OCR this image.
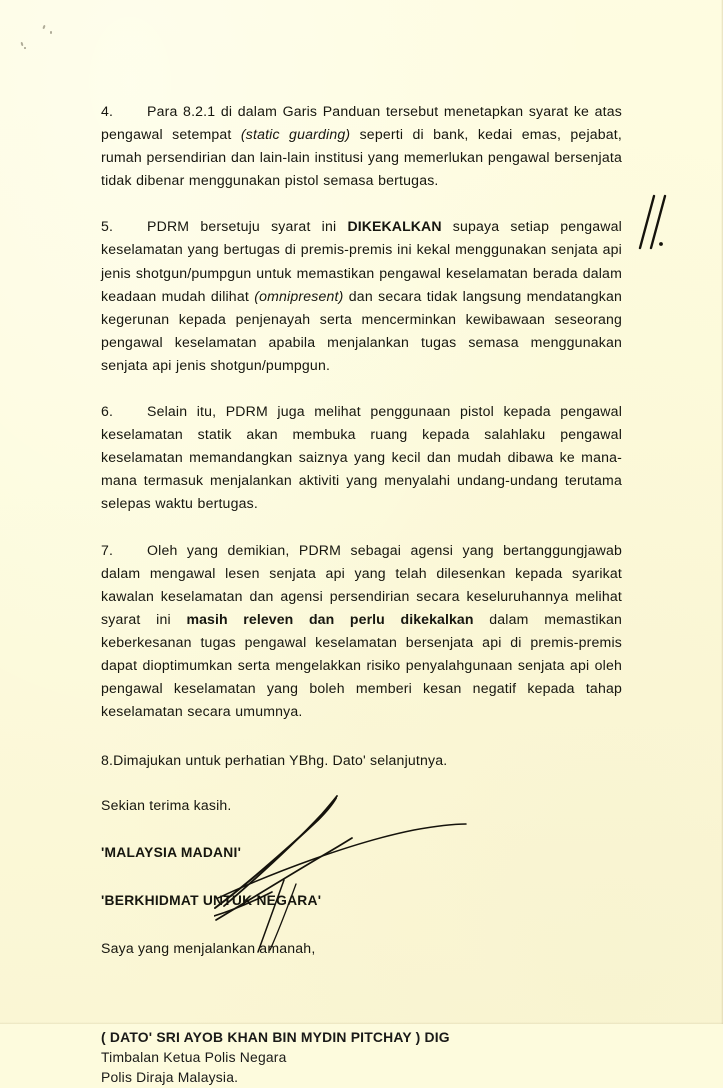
4. Para 8.2.1 di dalam Garis Panduan tersebut menetapkan syarat ke atas pengawal setempat (static guarding) seperti di bank, kedai emas, pejabat, rumah persendirian dan lain-lain institusi yang memerlukan pengawal bersenjata tidak dibenar menggunakan pistol semasa bertugas.

5. PDRM bersetuju syarat ini DIKEKALKAN supaya setiap pengawal keselamatan yang bertugas di premis-premis ini kekal menggunakan senjata api jenis shotgun/pumpgun untuk memastikan pengawal keselamatan berada dalam keadaan mudah dilihat (omnipresent) dan secara tidak langsung mendatangkan kegerunan kepada penjenayah serta mencerminkan kewibawaan seseorang pengawal keselamatan apabila menjalankan tugas semasa menggunakan senjata api jenis shotgun/pumpgun.

6. Selain itu, PDRM juga melihat penggunaan pistol kepada pengawal keselamatan statik akan membuka ruang kepada salahlaku pengawal keselamatan memandangkan saiznya yang kecil dan mudah dibawa ke mana-mana termasuk menjalankan aktiviti yang menyalahi undang-undang terutama selepas waktu bertugas.

7. Oleh yang demikian, PDRM sebagai agensi yang bertanggungjawab dalam mengawal lesen senjata api yang telah dilesenkan kepada syarikat kawalan keselamatan dan agensi persendirian secara keseluruhannya melihat syarat ini masih releven dan perlu dikekalkan dalam memastikan keberkesanan tugas pengawal keselamatan bersenjata api di premis-premis dapat dioptimumkan serta mengelakkan risiko penyalahgunaan senjata api oleh pengawal keselamatan yang boleh memberi kesan negatif kepada tahap keselamatan secara umumnya.

8.Dimajukan untuk perhatian YBhg. Dato' selanjutnya.

Sekian terima kasih.

'MALAYSIA MADANI'

'BERKHIDMAT UNTUK NEGARA'

Saya yang menjalankan amanah,

( DATO' SRI AYOB KHAN BIN MYDIN PITCHAY ) DIG
Timbalan Ketua Polis Negara
Polis Diraja Malaysia.
